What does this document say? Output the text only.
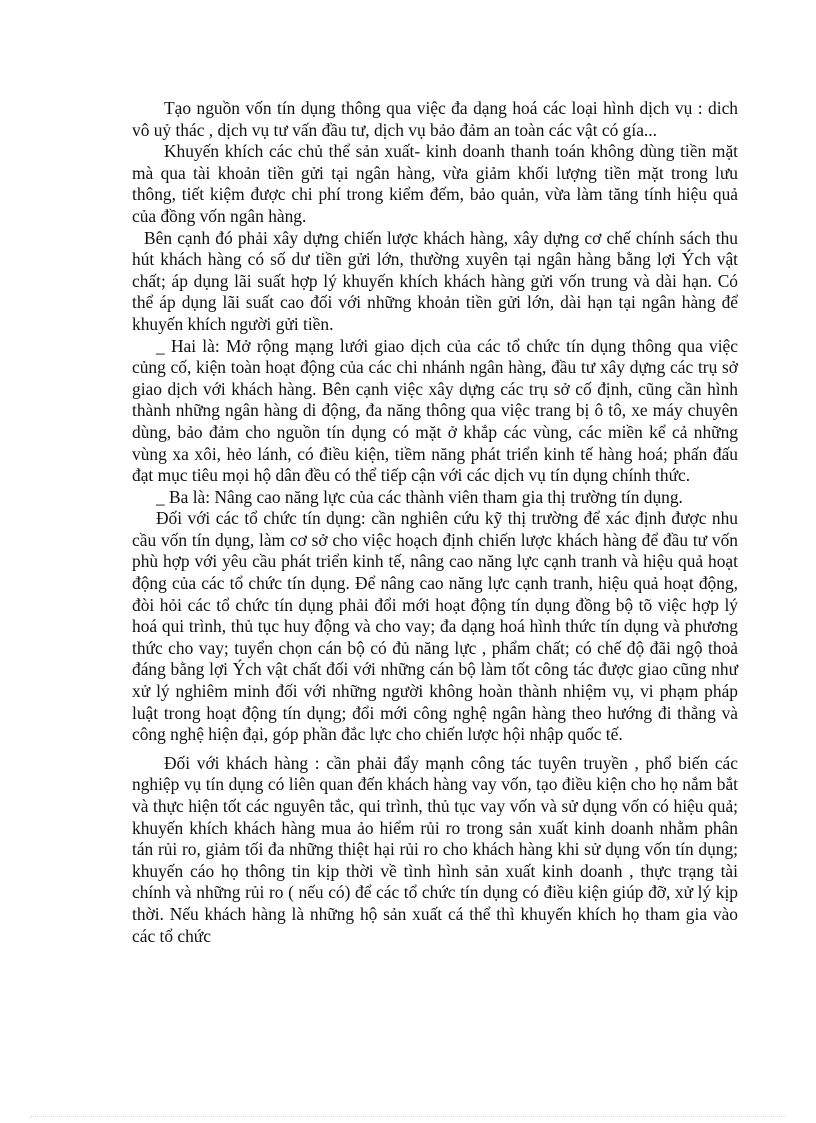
Tạo nguồn vốn tín dụng thông qua việc đa dạng hoá các loại hình dịch vụ : dich vô uỷ thác , dịch vụ tư vấn đầu tư, dịch vụ bảo đảm an toàn các vật có gía...

Khuyến khích các chủ thể sản xuất- kinh doanh thanh toán không dùng tiền mặt mà qua tài khoản tiền gửi tại ngân hàng, vừa giảm khối lượng tiền mặt trong lưu thông, tiết kiệm được chi phí trong kiểm đếm, bảo quản, vừa làm tăng tính hiệu quả của đồng vốn ngân hàng.

Bên cạnh đó phải xây dựng chiến lược khách hàng, xây dựng cơ chế chính sách thu hút khách hàng có số dư tiền gửi lớn, thường xuyên tại ngân hàng bằng lợi Ých vật chất; áp dụng lãi suất hợp lý khuyến khích khách hàng gửi vốn trung và dài hạn. Có thể áp dụng lãi suất cao đối với những khoản tiền gửi lớn, dài hạn tại ngân hàng để khuyến khích người gửi tiền.

_ Hai là: Mở rộng mạng lưới giao dịch của các tổ chức tín dụng thông qua việc củng cố, kiện toàn hoạt động của các chi nhánh ngân hàng, đầu tư xây dựng các trụ sở giao dịch với khách hàng. Bên cạnh việc xây dựng các trụ sở cố định, cũng cần hình thành những ngân hàng di động, đa năng thông qua việc trang bị ô tô, xe máy chuyên dùng, bảo đảm cho nguồn tín dụng có mặt ở khắp các vùng, các miền kể cả những vùng xa xôi, hẻo lánh, có điều kiện, tiềm năng phát triển kinh tế hàng hoá; phấn đấu đạt mục tiêu mọi hộ dân đều có thể tiếp cận với các dịch vụ tín dụng chính thức.

_ Ba là: Nâng cao năng lực của các thành viên tham gia thị trường tín dụng.

Đối với các tổ chức tín dụng: cần nghiên cứu kỹ thị trường để xác định được nhu cầu vốn tín dụng, làm cơ sở cho việc hoạch định chiến lược khách hàng để đầu tư vốn phù hợp với yêu cầu phát triển kinh tế, nâng cao năng lực cạnh tranh và hiệu quả hoạt động của các tổ chức tín dụng. Để nâng cao năng lực cạnh tranh, hiệu quả hoạt động, đòi hỏi các tổ chức tín dụng phải đổi mới hoạt động tín dụng đồng bộ tõ việc hợp lý hoá qui trình, thủ tục huy động và cho vay; đa dạng hoá hình thức tín dụng và phương thức cho vay; tuyển chọn cán bộ có đủ năng lực , phẩm chất; có chế độ đãi ngộ thoả đáng bằng lợi Ých vật chất đối với những cán bộ làm tốt công tác được giao cũng như xử lý nghiêm minh đối với những người không hoàn thành nhiệm vụ, vi phạm pháp luật trong hoạt động tín dụng; đổi mới công nghệ ngân hàng theo hướng đi thẳng và công nghệ hiện đại, góp phần đắc lực cho chiến lược hội nhập quốc tế.

Đối với khách hàng : cần phải đẩy mạnh công tác tuyên truyền , phổ biến các nghiệp vụ tín dụng có liên quan đến khách hàng vay vốn, tạo điều kiện cho họ nắm bắt và thực hiện tốt các nguyên tắc, qui trình, thủ tục vay vốn và sử dụng vốn có hiệu quả; khuyến khích khách hàng mua ảo hiểm rủi ro trong sản xuất kinh doanh nhằm phân tán rủi ro, giảm tối đa những thiệt hại rủi ro cho khách hàng khi sử dụng vốn tín dụng; khuyến cáo họ thông tin kịp thời về tình hình sản xuất kinh doanh , thực trạng tài chính và những rủi ro ( nếu có) để các tổ chức tín dụng có điều kiện giúp đỡ, xử lý kịp thời. Nếu khách hàng là những hộ sản xuất cá thể thì khuyến khích họ tham gia vào các tổ chức
